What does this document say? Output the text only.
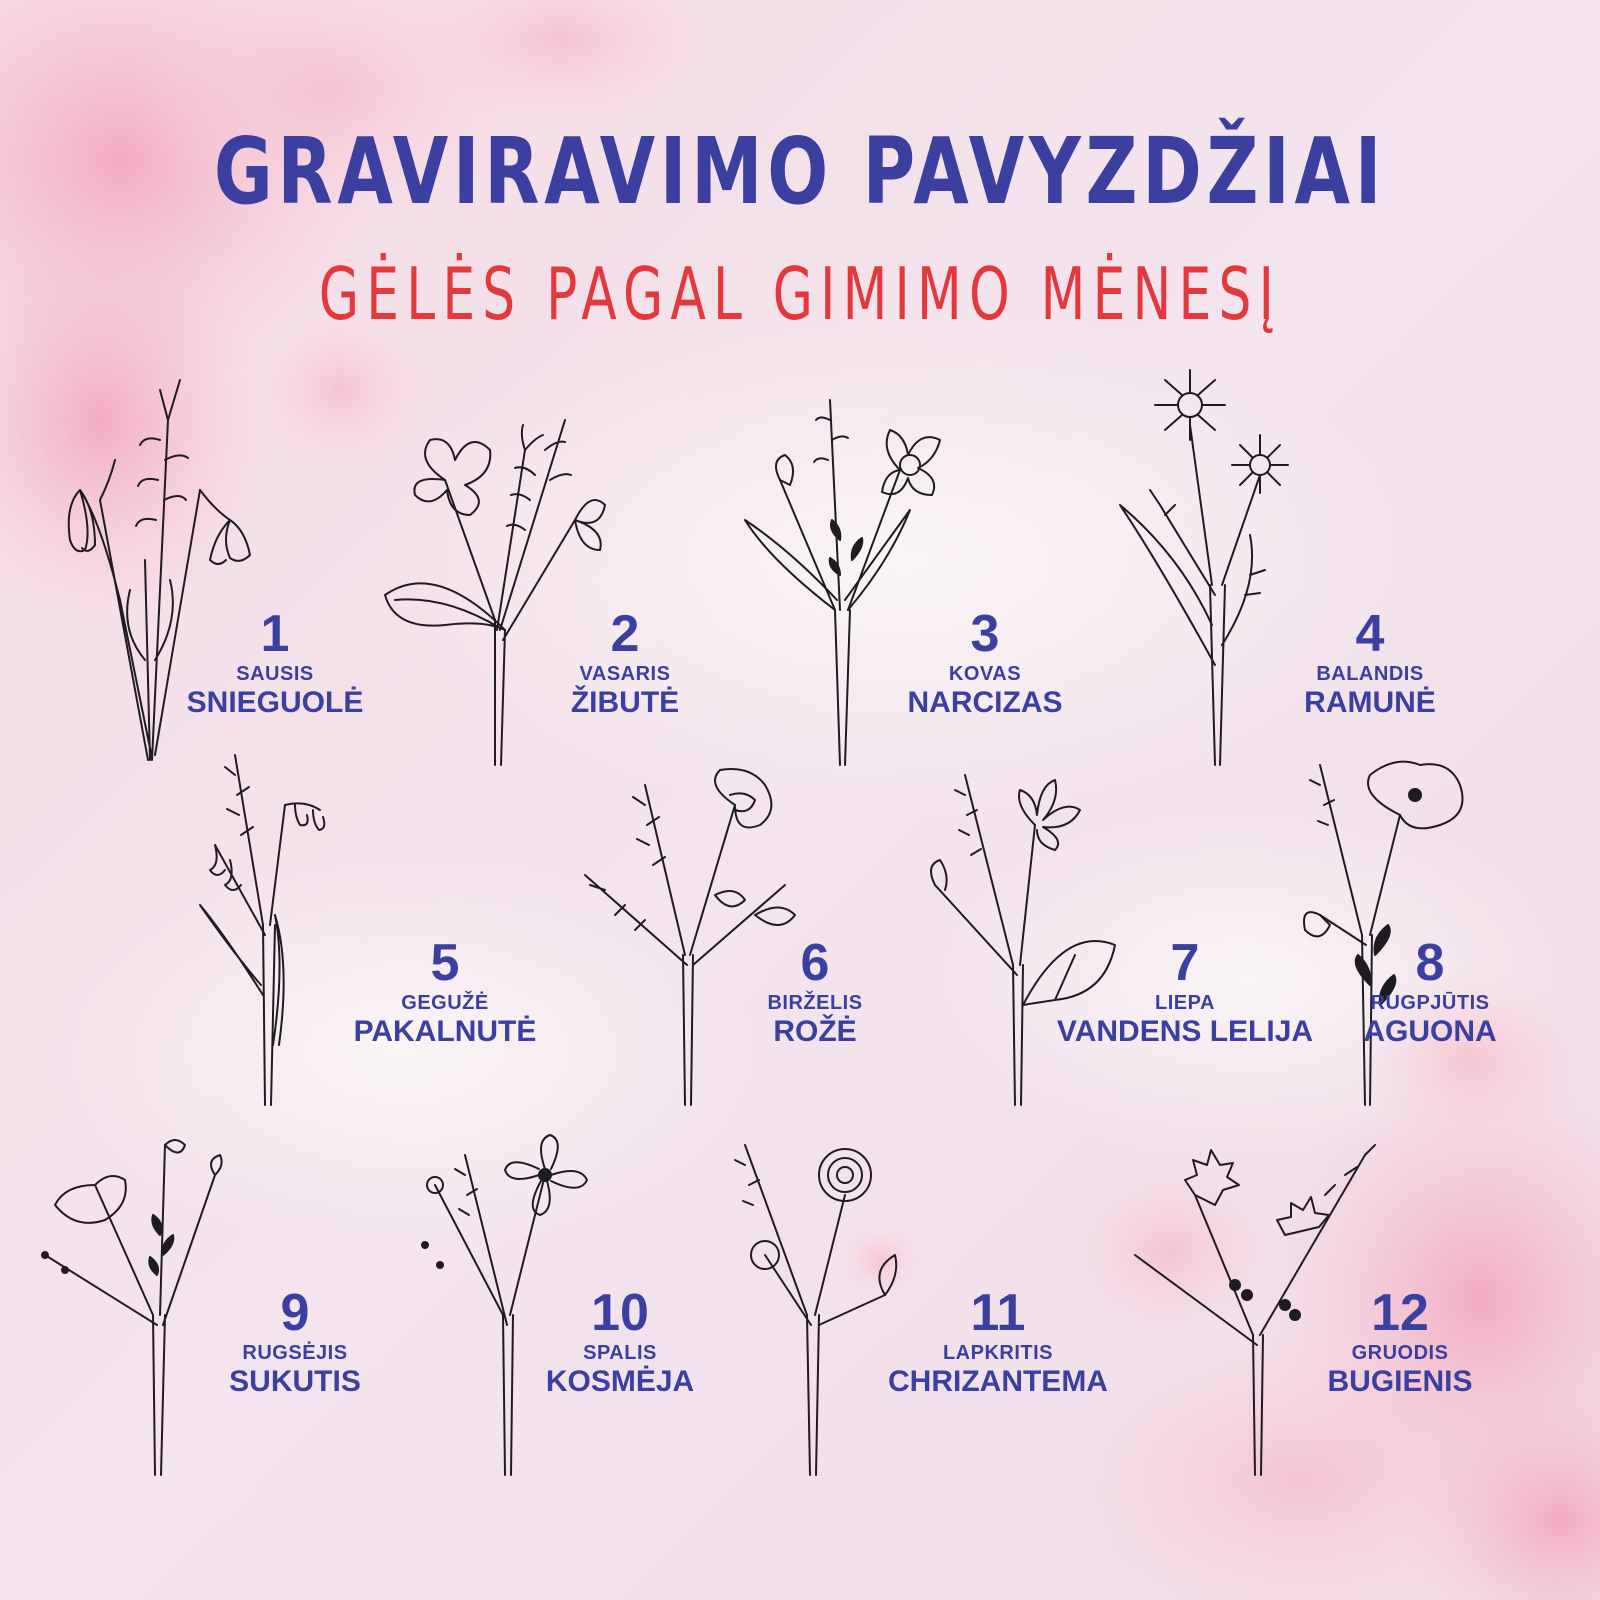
GRAVIRAVIMO PAVYZDŽIAI
GĖLĖS PAGAL GIMIMO MĖNESĮ
1
SAUSIS
SNIEGUOLĖ
2
VASARIS
ŽIBUTĖ
3
KOVAS
NARCIZAS
4
BALANDIS
RAMUNĖ
5
GEGUŽĖ
PAKALNUTĖ
6
BIRŽELIS
ROŽĖ
7
LIEPA
VANDENS LELIJA
8
RUGPJŪTIS
AGUONA
9
RUGSĖJIS
SUKUTIS
10
SPALIS
KOSMĖJA
11
LAPKRITIS
CHRIZANTEMA
12
GRUODIS
BUGIENIS
